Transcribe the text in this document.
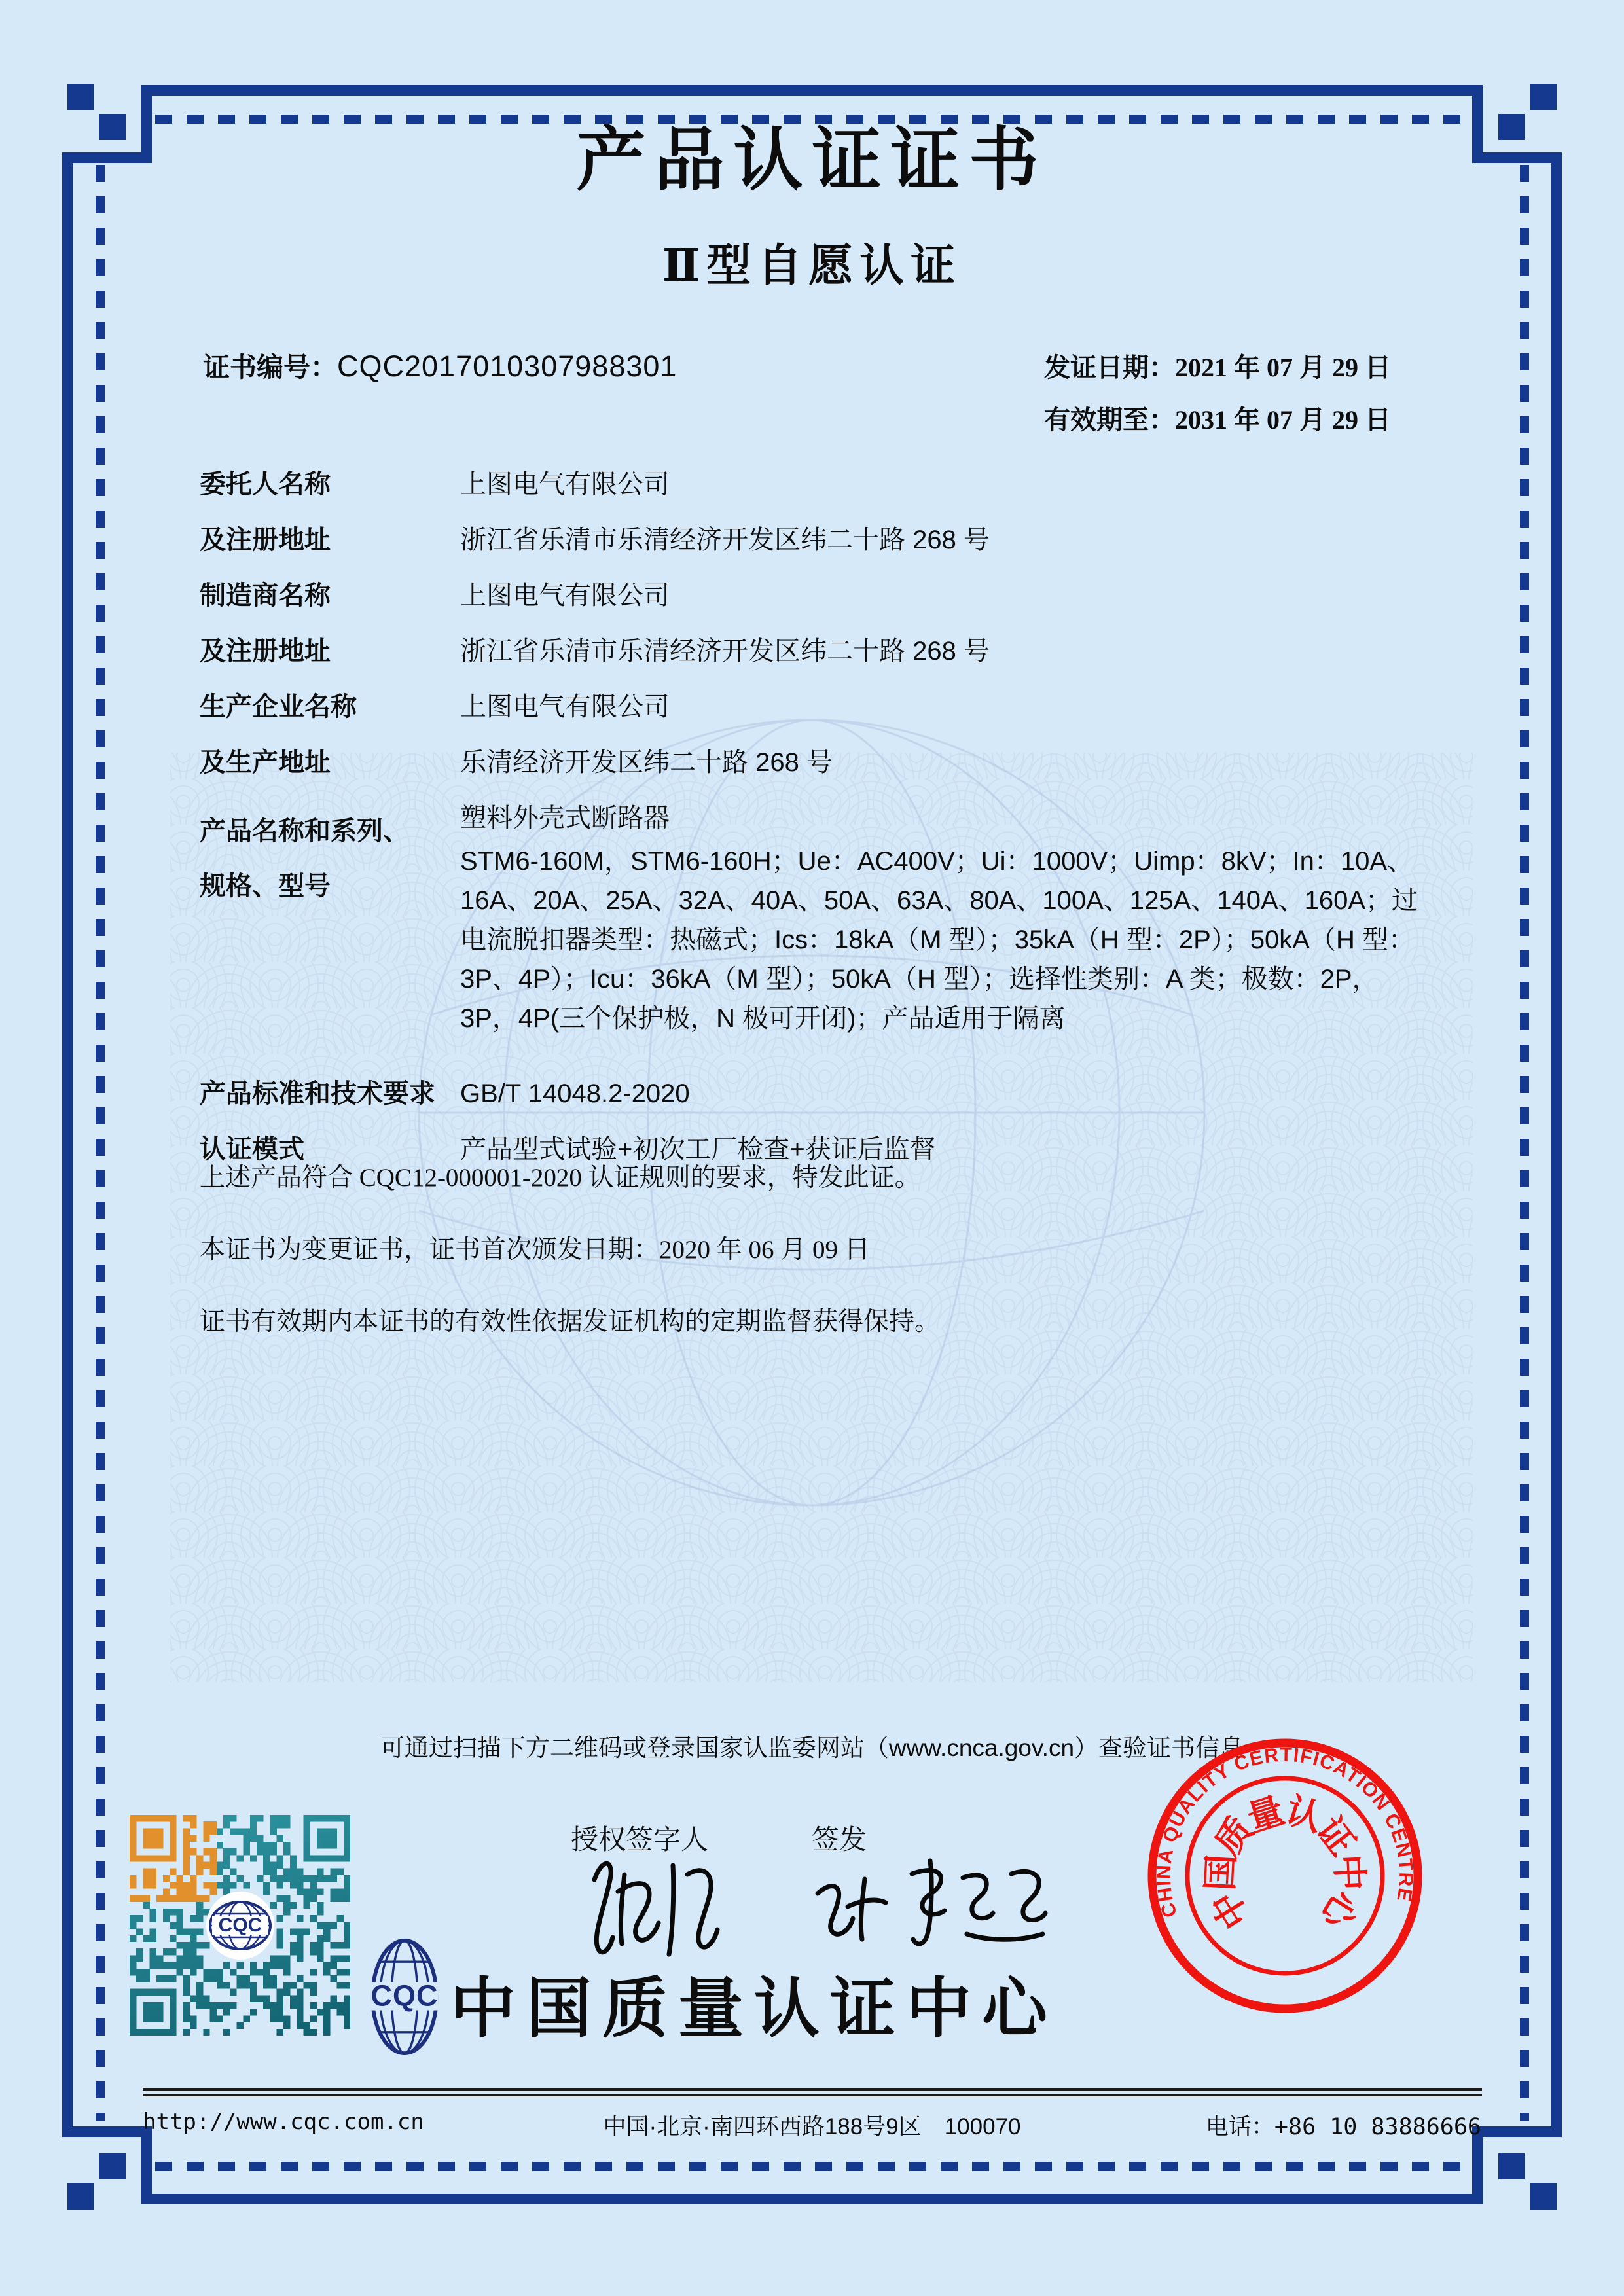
产品认证证书
Ⅱ型自愿认证
证书编号：CQC2017010307988301	发证日期：2021 年 07 月 29 日
有效期至：2031 年 07 月 29 日
委托人名称	上图电气有限公司
及注册地址	浙江省乐清市乐清经济开发区纬二十路 268 号
制造商名称	上图电气有限公司
及注册地址	浙江省乐清市乐清经济开发区纬二十路 268 号
生产企业名称	上图电气有限公司
及生产地址	乐清经济开发区纬二十路 268 号
产品名称和系列、
规格、型号
塑料外壳式断路器
STM6-160M，STM6-160H；Ue：AC400V；Ui：1000V；Uimp：8kV；In：10A、16A、20A、25A、32A、40A、50A、63A、80A、100A、125A、140A、160A；过电流脱扣器类型：热磁式；Ics：18kA（M 型）；35kA（H 型：2P）；50kA（H 型：3P、4P）；Icu：36kA（M 型）；50kA（H 型）；选择性类别：A 类；极数：2P，3P，4P(三个保护极，N 极可开闭)；产品适用于隔离
产品标准和技术要求 GB/T 14048.2-2020
认证模式	产品型式试验+初次工厂检查+获证后监督

上述产品符合 CQC12-000001-2020 认证规则的要求，特发此证。

本证书为变更证书，证书首次颁发日期：2020 年 06 月 09 日

证书有效期内本证书的有效性依据发证机构的定期监督获得保持。

可通过扫描下方二维码或登录国家认监委网站（www.cnca.gov.cn）查验证书信息
CQC
授权签字人	签发
CQC 中国质量认证中心
CHINA QUALITY CERTIFICATION CENTRE
中
国
质
量
认
证
中
心
http://www.cqc.com.cn	中国·北京·南四环西路188号9区　100070	电话：+86 10 83886666
